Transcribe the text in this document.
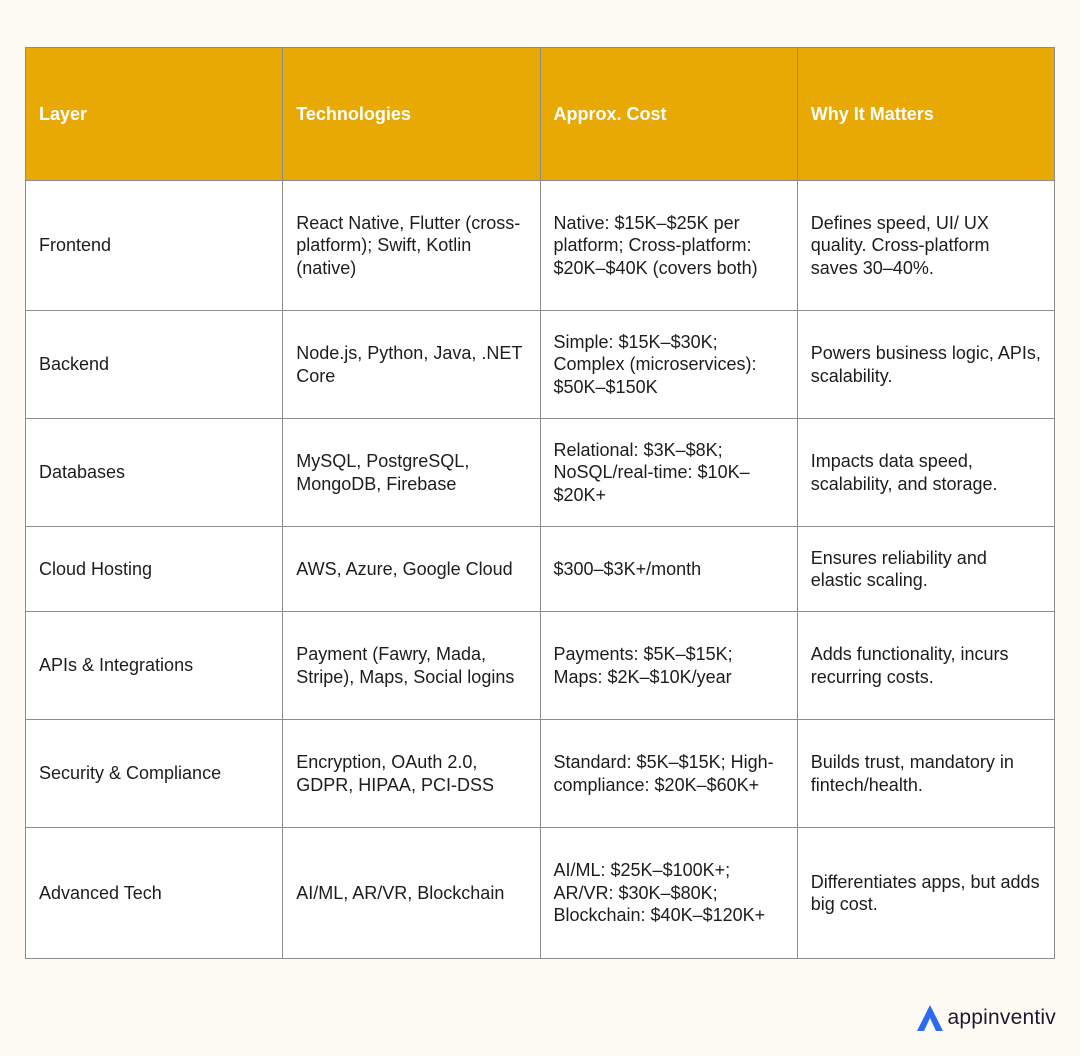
Layer	Technologies	Approx. Cost	Why It Matters
Frontend	React Native, Flutter (cross-platform); Swift, Kotlin (native)	Native: $15K–$25K per platform; Cross-platform: $20K–$40K (covers both)	Defines speed, UI/ UX quality. Cross-platform saves 30–40%.
Backend	Node.js, Python, Java, .NET Core	Simple: $15K–$30K; Complex (microservices): $50K–$150K	Powers business logic, APIs, scalability.
Databases	MySQL, PostgreSQL, MongoDB, Firebase	Relational: $3K–$8K; NoSQL/real-time: $10K–$20K+	Impacts data speed, scalability, and storage.
Cloud Hosting	AWS, Azure, Google Cloud	$300–$3K+/month	Ensures reliability and elastic scaling.
APIs & Integrations	Payment (Fawry, Mada, Stripe), Maps, Social logins	Payments: $5K–$15K; Maps: $2K–$10K/year	Adds functionality, incurs recurring costs.
Security & Compliance	Encryption, OAuth 2.0, GDPR, HIPAA, PCI-DSS	Standard: $5K–$15K; High-compliance: $20K–$60K+	Builds trust, mandatory in fintech/health.
Advanced Tech	AI/ML, AR/VR, Blockchain	AI/ML: $25K–$100K+; AR/VR: $30K–$80K; Blockchain: $40K–$120K+	Differentiates apps, but adds big cost.
appinventiv
